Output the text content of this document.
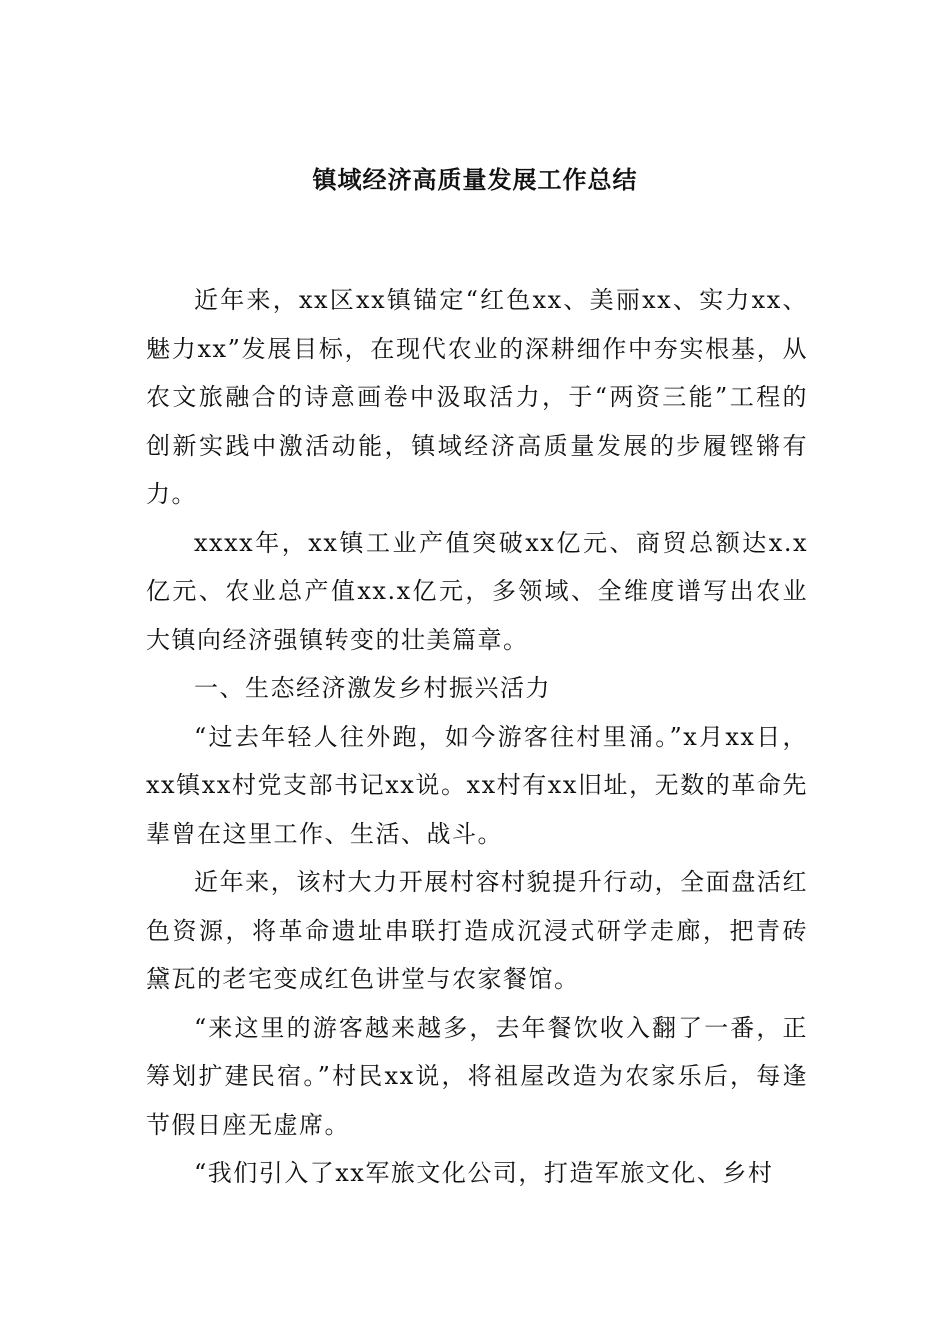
镇域经济高质量发展工作总结

近年来，xx区xx镇锚定“红色xx、美丽xx、实力xx、魅力xx”发展目标，在现代农业的深耕细作中夯实根基，从农文旅融合的诗意画卷中汲取活力，于“两资三能”工程的创新实践中激活动能，镇域经济高质量发展的步履铿锵有力。

xxxx年，xx镇工业产值突破xx亿元、商贸总额达x.x亿元、农业总产值xx.x亿元，多领域、全维度谱写出农业大镇向经济强镇转变的壮美篇章。

一、生态经济激发乡村振兴活力

“过去年轻人往外跑，如今游客往村里涌。”x月xx日，xx镇xx村党支部书记xx说。xx村有xx旧址，无数的革命先辈曾在这里工作、生活、战斗。

近年来，该村大力开展村容村貌提升行动，全面盘活红色资源，将革命遗址串联打造成沉浸式研学走廊，把青砖黛瓦的老宅变成红色讲堂与农家餐馆。

“来这里的游客越来越多，去年餐饮收入翻了一番，正筹划扩建民宿。”村民xx说，将祖屋改造为农家乐后，每逢节假日座无虚席。

“我们引入了xx军旅文化公司，打造军旅文化、乡村
